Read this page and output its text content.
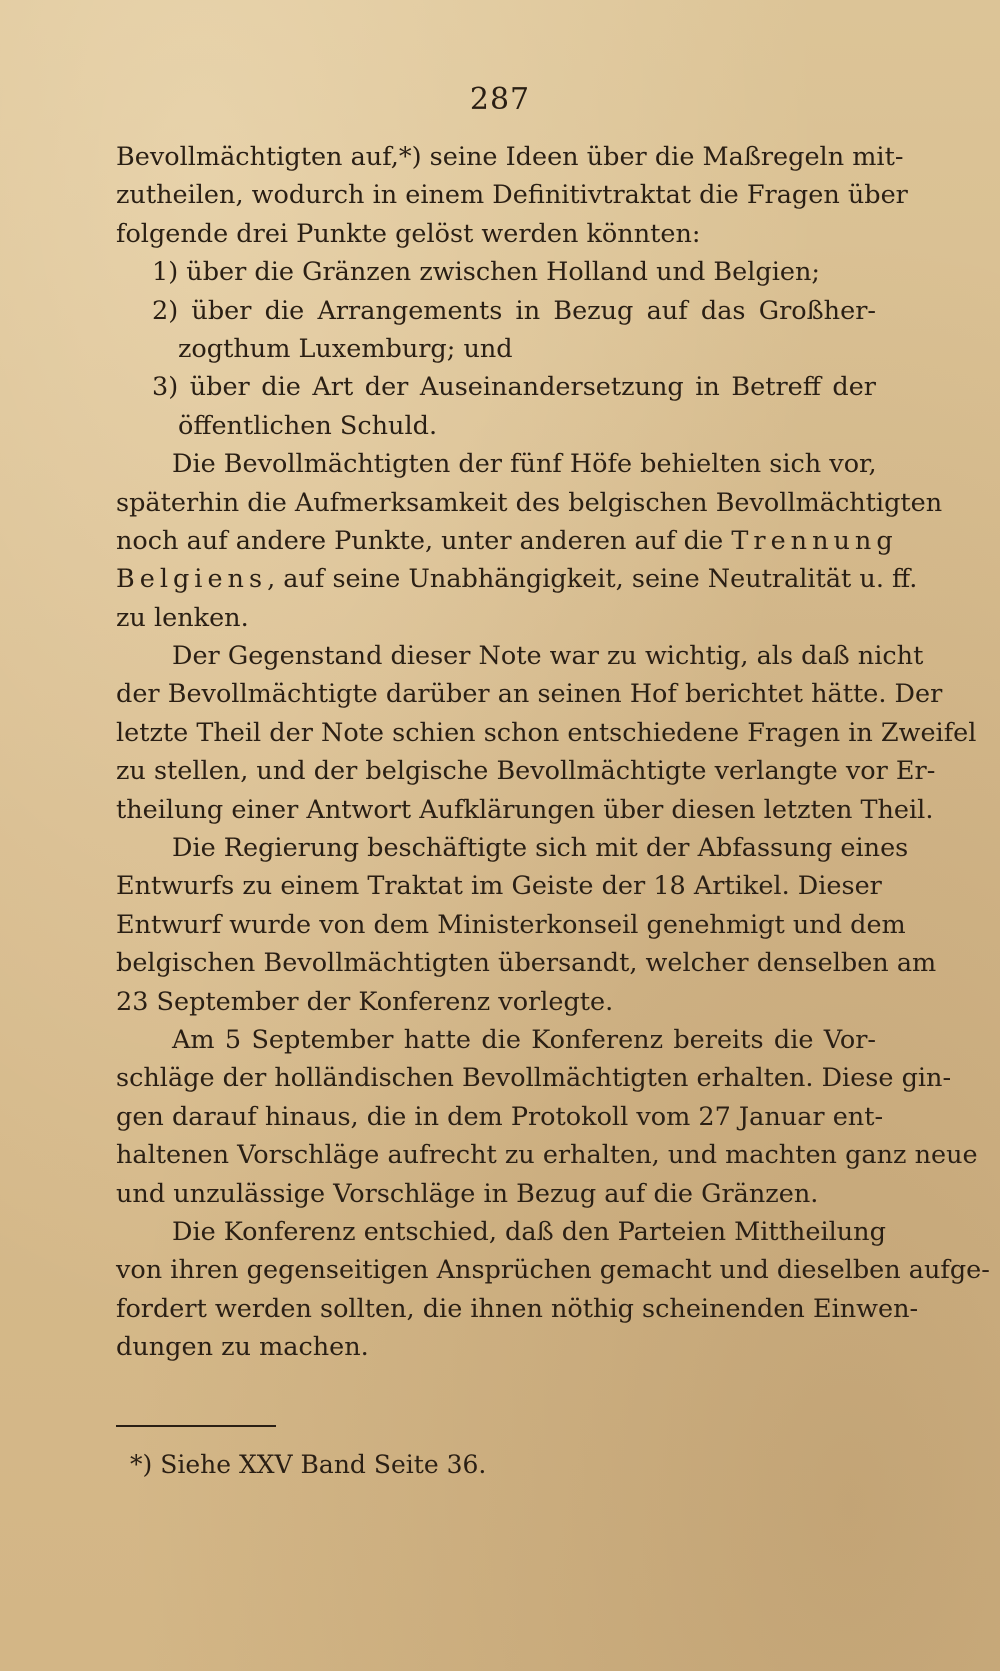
287
Bevollmächtigten auf,*) seine Ideen über die Maßregeln mit-
zutheilen, wodurch in einem Definitivtraktat die Fragen über
folgende drei Punkte gelöst werden könnten:
1) über die Gränzen zwischen Holland und Belgien;
2) über die Arrangements in Bezug auf das Großher-
zogthum Luxemburg; und
3) über die Art der Auseinandersetzung in Betreff der
öffentlichen Schuld.
Die Bevollmächtigten der fünf Höfe behielten sich vor,
späterhin die Aufmerksamkeit des belgischen Bevollmächtigten
noch auf andere Punkte, unter anderen auf die Trennung
Belgiens, auf seine Unabhängigkeit, seine Neutralität u. ff.
zu lenken.
Der Gegenstand dieser Note war zu wichtig, als daß nicht
der Bevollmächtigte darüber an seinen Hof berichtet hätte. Der
letzte Theil der Note schien schon entschiedene Fragen in Zweifel
zu stellen, und der belgische Bevollmächtigte verlangte vor Er-
theilung einer Antwort Aufklärungen über diesen letzten Theil.
Die Regierung beschäftigte sich mit der Abfassung eines
Entwurfs zu einem Traktat im Geiste der 18 Artikel. Dieser
Entwurf wurde von dem Ministerkonseil genehmigt und dem
belgischen Bevollmächtigten übersandt, welcher denselben am
23 September der Konferenz vorlegte.
Am 5 September hatte die Konferenz bereits die Vor-
schläge der holländischen Bevollmächtigten erhalten. Diese gin-
gen darauf hinaus, die in dem Protokoll vom 27 Januar ent-
haltenen Vorschläge aufrecht zu erhalten, und machten ganz neue
und unzulässige Vorschläge in Bezug auf die Gränzen.
Die Konferenz entschied, daß den Parteien Mittheilung
von ihren gegenseitigen Ansprüchen gemacht und dieselben aufge-
fordert werden sollten, die ihnen nöthig scheinenden Einwen-
dungen zu machen.
*) Siehe XXV Band Seite 36.
